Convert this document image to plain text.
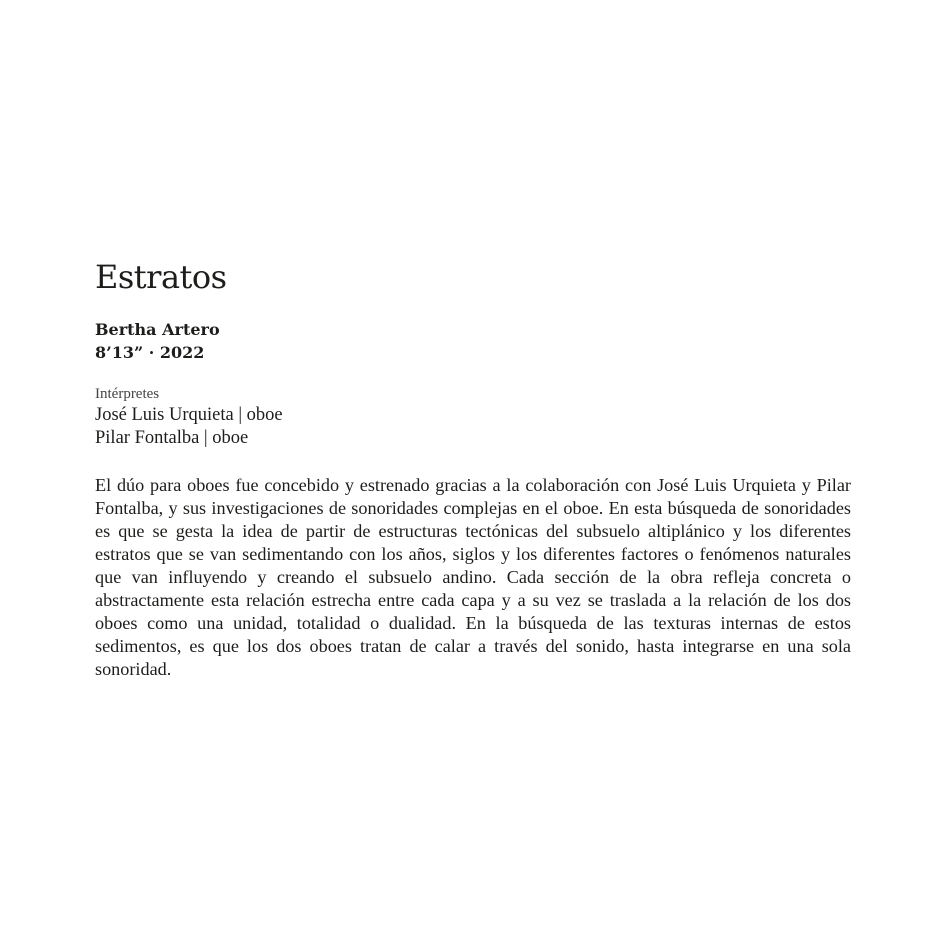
Estratos
Bertha Artero
8’13” · 2022
Intérpretes
José Luis Urquieta | oboe
Pilar Fontalba | oboe

El dúo para oboes fue concebido y estrenado gracias a la colaboración con José Luis Urquieta y Pilar Fontalba, y sus investigaciones de sonoridades complejas en el oboe. En esta búsqueda de sonoridades es que se gesta la idea de partir de estructuras tectónicas del subsuelo altiplánico y los diferentes estratos que se van sedimentando con los años, siglos y los diferentes factores o fenómenos naturales que van influyendo y creando el subsuelo andino. Cada sección de la obra refleja concreta o abstractamente esta relación estrecha entre cada capa y a su vez se traslada a la relación de los dos oboes como una unidad, totalidad o dualidad. En la búsqueda de las texturas internas de estos sedimentos, es que los dos oboes tratan de calar a través del sonido, hasta integrarse en una sola sonoridad.
